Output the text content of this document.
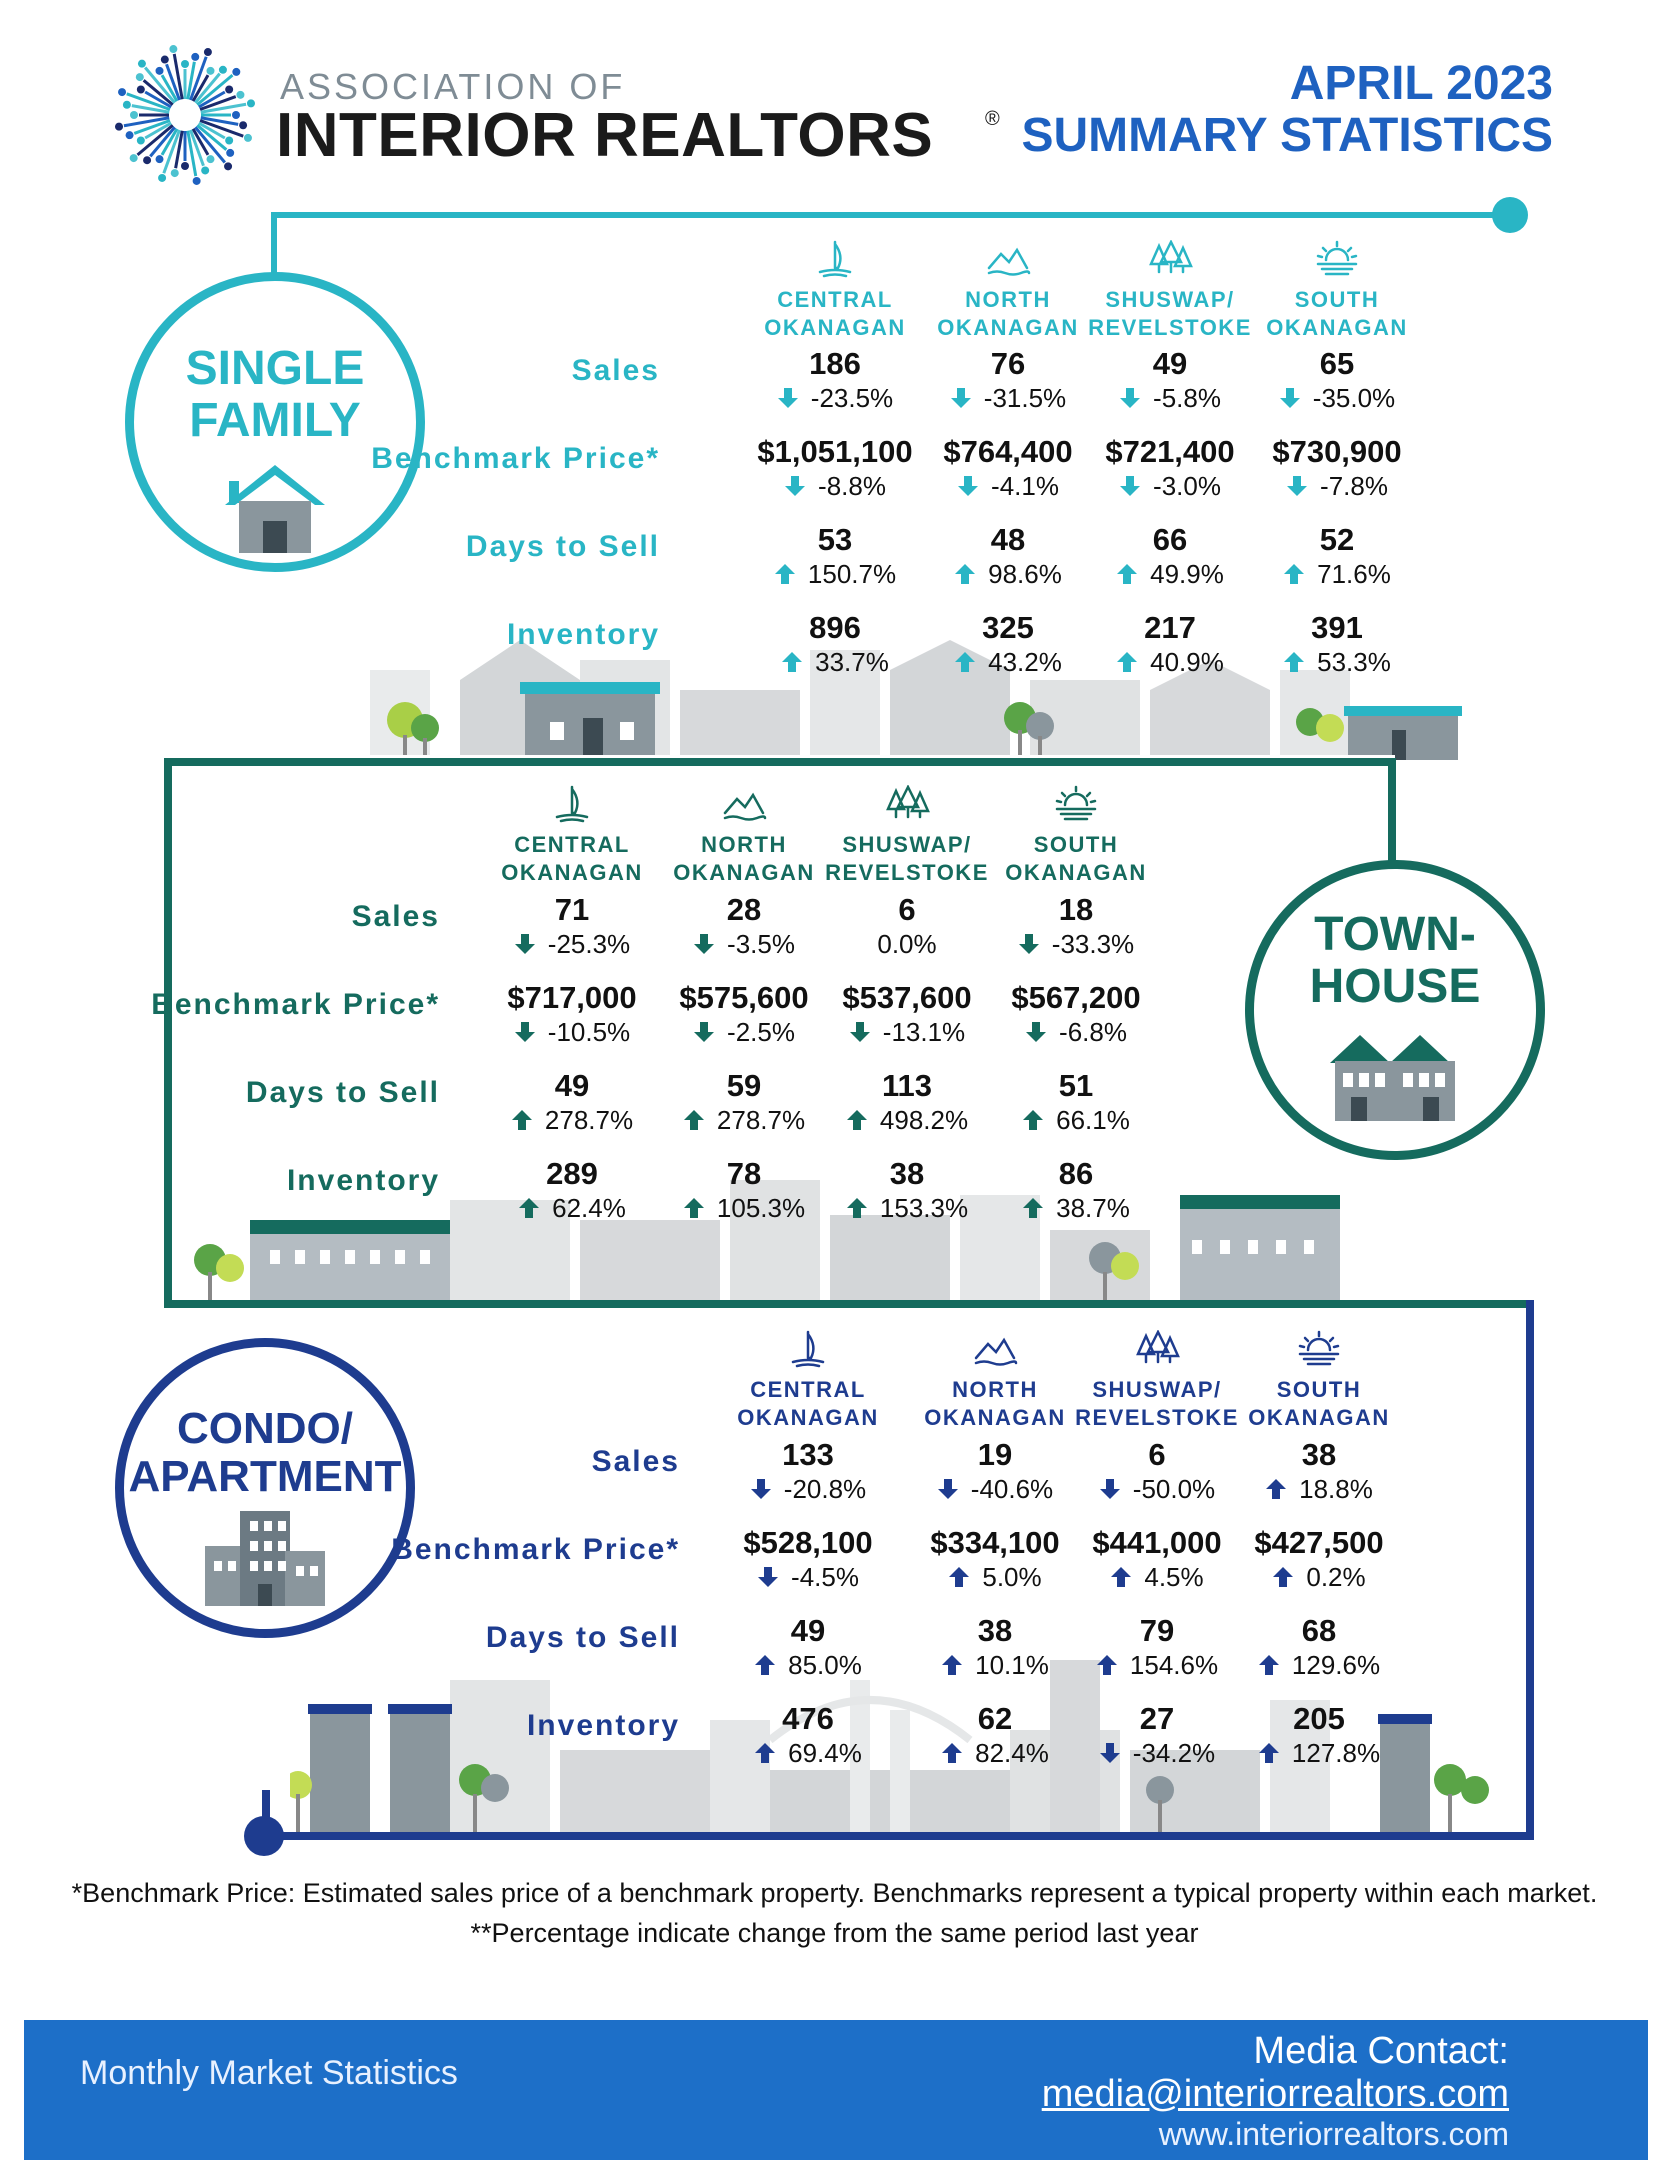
ASSOCIATION OF
INTERIOR REALTORS	®
APRIL 2023
SUMMARY STATISTICS
SINGLE
FAMILY
TOWN-
HOUSE
CONDO/
APARTMENT
CENTRAL
OKANAGAN
NORTH
OKANAGAN
SHUSWAP/
REVELSTOKE
SOUTH
OKANAGAN
Sales
Benchmark Price*
Days to Sell
Inventory
186
-23.5%
76
-31.5%
49
-5.8%
65
-35.0%
$1,051,100
-8.8%
$764,400
-4.1%
$721,400
-3.0%
$730,900
-7.8%
53
150.7%
48
98.6%
66
49.9%
52
71.6%
896
33.7%
325
43.2%
217
40.9%
391
53.3%
CENTRAL
OKANAGAN
NORTH
OKANAGAN
SHUSWAP/
REVELSTOKE
SOUTH
OKANAGAN
Sales
Benchmark Price*
Days to Sell
Inventory
71
-25.3%
28
-3.5%
6
0.0%
18
-33.3%
$717,000
-10.5%
$575,600
-2.5%
$537,600
-13.1%
$567,200
-6.8%
49
278.7%
59
278.7%
113
498.2%
51
66.1%
289
62.4%
78
105.3%
38
153.3%
86
38.7%
CENTRAL
OKANAGAN
NORTH
OKANAGAN
SHUSWAP/
REVELSTOKE
SOUTH
OKANAGAN
Sales
Benchmark Price*
Days to Sell
Inventory
133
-20.8%
19
-40.6%
6
-50.0%
38
18.8%
$528,100
-4.5%
$334,100
5.0%
$441,000
4.5%
$427,500
0.2%
49
85.0%
38
10.1%
79
154.6%
68
129.6%
476
69.4%
62
82.4%
27
-34.2%
205
127.8%
*Benchmark Price: Estimated sales price of a benchmark property. Benchmarks represent a typical property within each market.
**Percentage indicate change from the same period last year
Monthly Market Statistics
Media Contact:
media@interiorrealtors.com
www.interiorrealtors.com
